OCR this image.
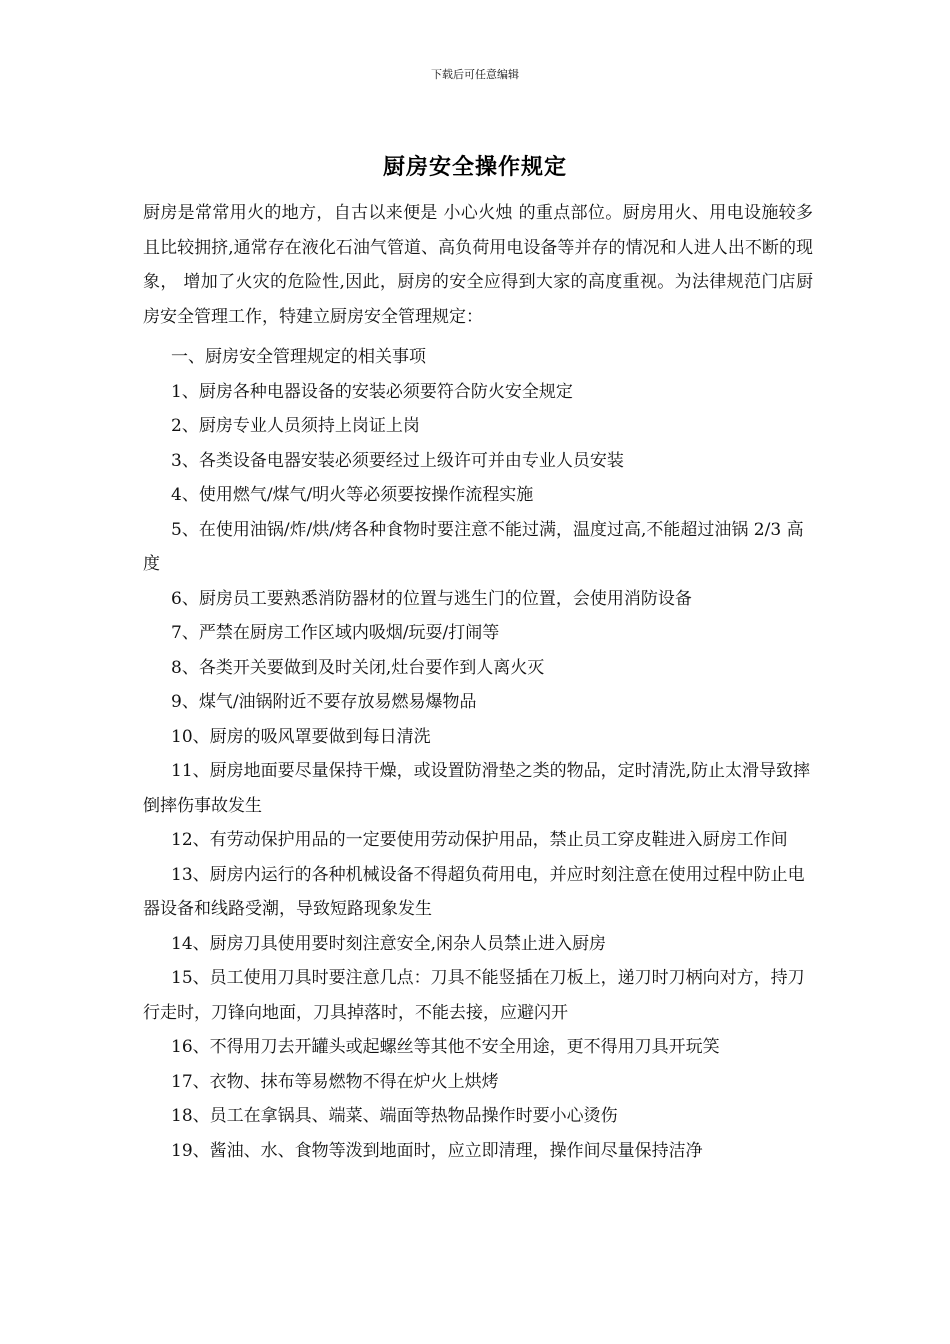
下载后可任意编辑
厨房安全操作规定

厨房是常常用火的地方，自古以来便是 小心火烛 的重点部位。厨房用火、用电设施较多且比较拥挤,通常存在液化石油气管道、高负荷用电设备等并存的情况和人进人出不断的现象， 增加了火灾的危险性,因此，厨房的安全应得到大家的高度重视。为法律规范门店厨房安全管理工作，特建立厨房安全管理规定：

一、厨房安全管理规定的相关事项

1、厨房各种电器设备的安装必须要符合防火安全规定

2、厨房专业人员须持上岗证上岗

3、各类设备电器安装必须要经过上级许可并由专业人员安装

4、使用燃气/煤气/明火等必须要按操作流程实施

5、在使用油锅/炸/烘/烤各种食物时要注意不能过满，温度过高,不能超过油锅 2/3 高度

6、厨房员工要熟悉消防器材的位置与逃生门的位置，会使用消防设备

7、严禁在厨房工作区域内吸烟/玩耍/打闹等

8、各类开关要做到及时关闭,灶台要作到人离火灭

9、煤气/油锅附近不要存放易燃易爆物品

10、厨房的吸风罩要做到每日清洗

11、厨房地面要尽量保持干燥，或设置防滑垫之类的物品，定时清洗,防止太滑导致摔倒摔伤事故发生

12、有劳动保护用品的一定要使用劳动保护用品，禁止员工穿皮鞋进入厨房工作间

13、厨房内运行的各种机械设备不得超负荷用电，并应时刻注意在使用过程中防止电器设备和线路受潮，导致短路现象发生

14、厨房刀具使用要时刻注意安全,闲杂人员禁止进入厨房

15、员工使用刀具时要注意几点：刀具不能竖插在刀板上，递刀时刀柄向对方，持刀行走时，刀锋向地面，刀具掉落时，不能去接，应避闪开

16、不得用刀去开罐头或起螺丝等其他不安全用途，更不得用刀具开玩笑

17、衣物、抹布等易燃物不得在炉火上烘烤

18、员工在拿锅具、端菜、端面等热物品操作时要小心烫伤

19、酱油、水、食物等泼到地面时，应立即清理，操作间尽量保持洁净
